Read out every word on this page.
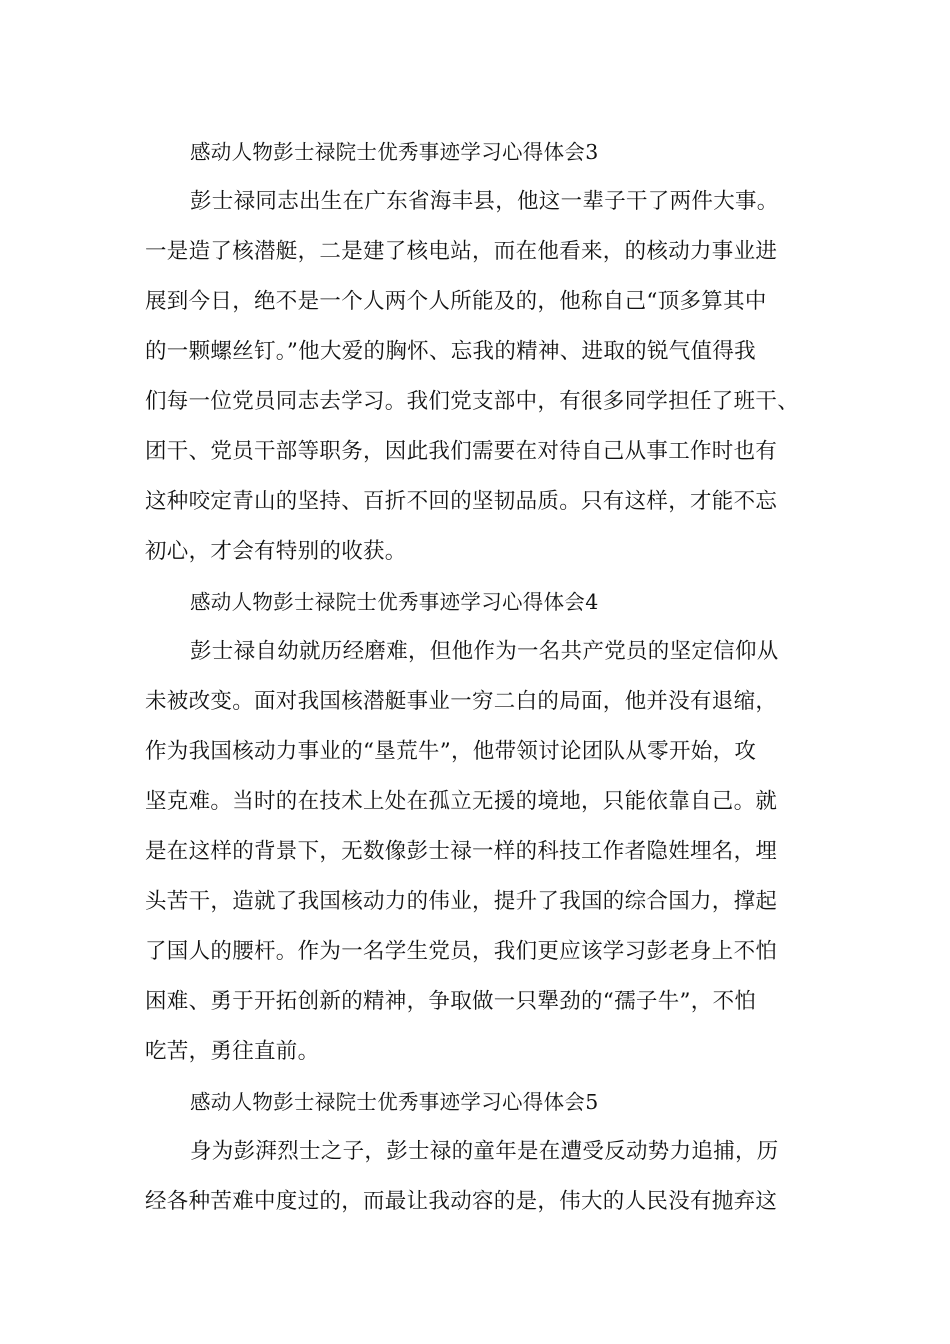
感动人物彭士禄院士优秀事迹学习心得体会3
彭士禄同志出生在广东省海丰县，他这一辈子干了两件大事。
一是造了核潜艇，二是建了核电站，而在他看来，的核动力事业进
展到今日，绝不是一个人两个人所能及的，他称自己“顶多算其中
的一颗螺丝钉。”他大爱的胸怀、忘我的精神、进取的锐气值得我
们每一位党员同志去学习。我们党支部中，有很多同学担任了班干、
团干、党员干部等职务，因此我们需要在对待自己从事工作时也有
这种咬定青山的坚持、百折不回的坚韧品质。只有这样，才能不忘
初心，才会有特别的收获。
感动人物彭士禄院士优秀事迹学习心得体会4
彭士禄自幼就历经磨难，但他作为一名共产党员的坚定信仰从
未被改变。面对我国核潜艇事业一穷二白的局面，他并没有退缩，
作为我国核动力事业的“垦荒牛”，他带领讨论团队从零开始，攻
坚克难。当时的在技术上处在孤立无援的境地，只能依靠自己。就
是在这样的背景下，无数像彭士禄一样的科技工作者隐姓埋名，埋
头苦干，造就了我国核动力的伟业，提升了我国的综合国力，撑起
了国人的腰杆。作为一名学生党员，我们更应该学习彭老身上不怕
困难、勇于开拓创新的精神，争取做一只犟劲的“孺子牛”，不怕
吃苦，勇往直前。
感动人物彭士禄院士优秀事迹学习心得体会5
身为彭湃烈士之子，彭士禄的童年是在遭受反动势力追捕，历
经各种苦难中度过的，而最让我动容的是，伟大的人民没有抛弃这
